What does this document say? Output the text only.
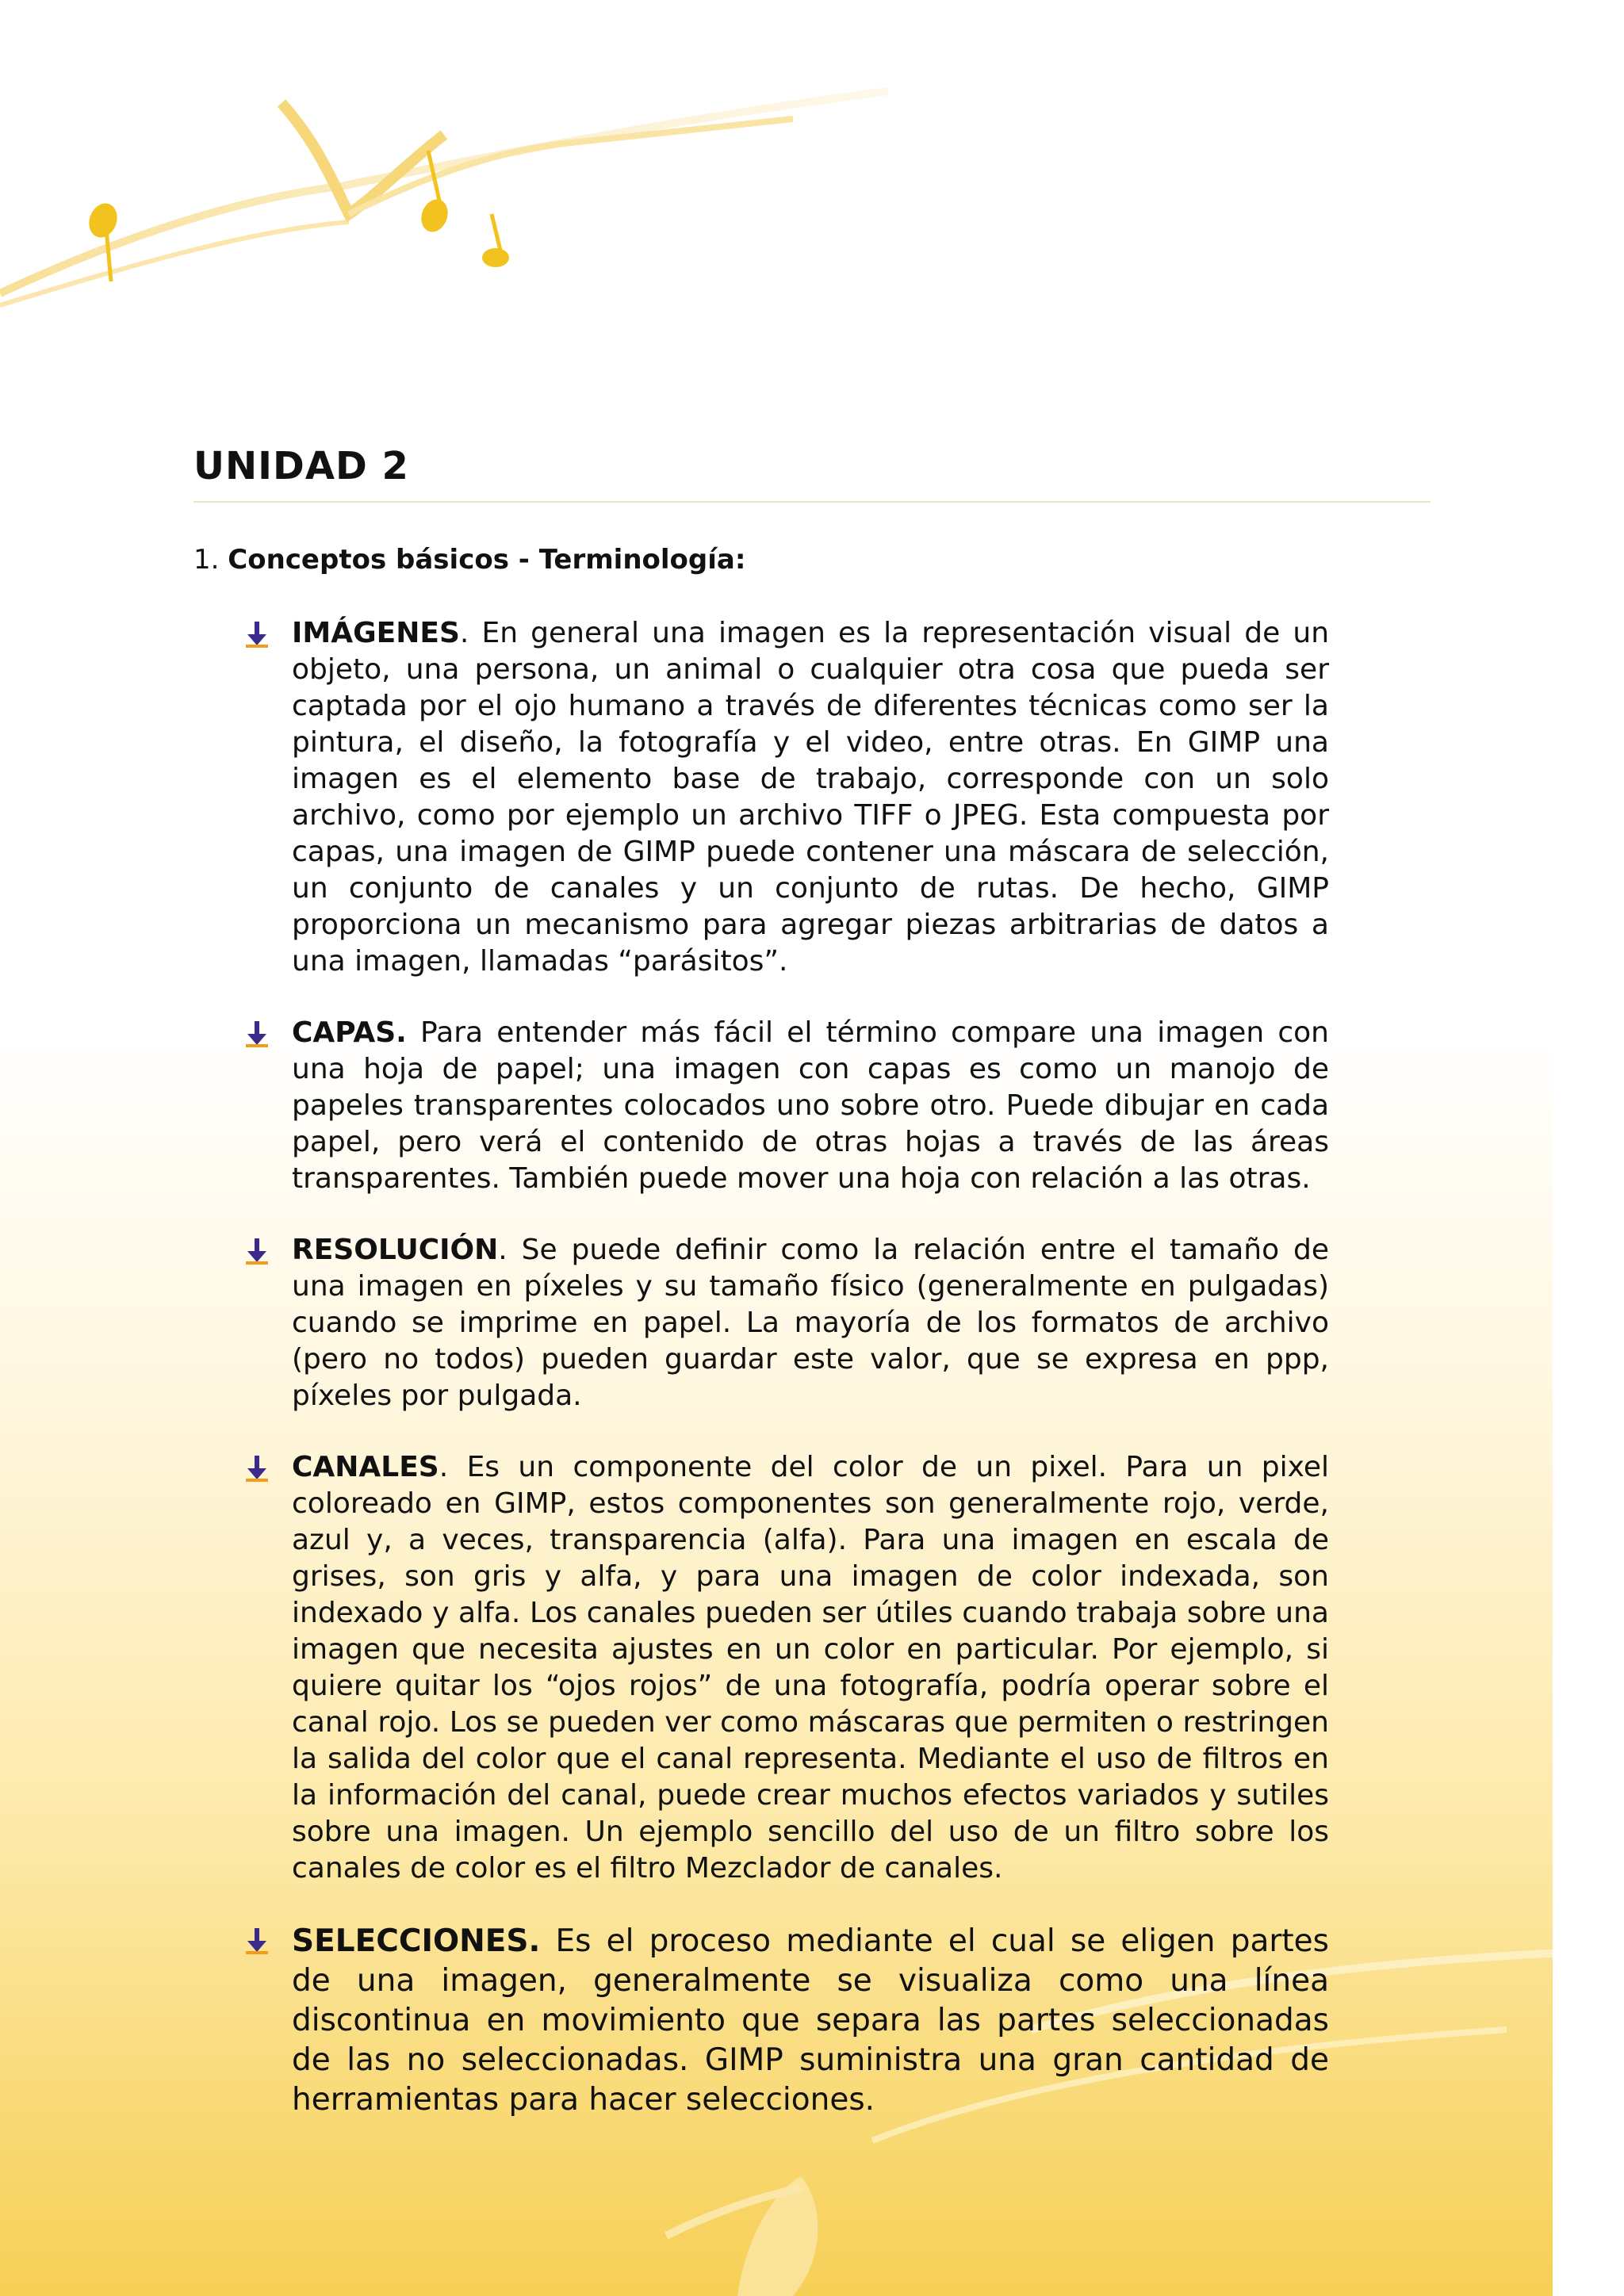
UNIDAD 2
1. Conceptos básicos - Terminología:

IMÁGENES. En general una imagen es la representación visual de un objeto, una persona, un animal o cualquier otra cosa que pueda ser captada por el ojo humano a través de diferentes técnicas como ser la pintura, el diseño, la fotografía y el video, entre otras. En GIMP una imagen es el elemento base de trabajo, corresponde con un solo archivo, como por ejemplo un archivo TIFF o JPEG. Esta compuesta por capas, una imagen de GIMP puede contener una máscara de selección, un conjunto de canales y un conjunto de rutas. De hecho, GIMP proporciona un mecanismo para agregar piezas arbitrarias de datos a una imagen, llamadas “parásitos”.

CAPAS. Para entender más fácil el término compare una imagen con una hoja de papel; una imagen con capas es como un manojo de papeles transparentes colocados uno sobre otro. Puede dibujar en cada papel, pero verá el contenido de otras hojas a través de las áreas transparentes. También puede mover una hoja con relación a las otras.

RESOLUCIÓN. Se puede definir como la relación entre el tamaño de una imagen en píxeles y su tamaño físico (generalmente en pulgadas) cuando se imprime en papel. La mayoría de los formatos de archivo (pero no todos) pueden guardar este valor, que se expresa en ppp, píxeles por pulgada.

CANALES. Es un componente del color de un pixel. Para un pixel coloreado en GIMP, estos componentes son generalmente rojo, verde, azul y, a veces, transparencia (alfa). Para una imagen en escala de grises, son gris y alfa, y para una imagen de color indexada, son indexado y alfa. Los canales pueden ser útiles cuando trabaja sobre una imagen que necesita ajustes en un color en particular. Por ejemplo, si quiere quitar los “ojos rojos” de una fotografía, podría operar sobre el canal rojo. Los se pueden ver como máscaras que permiten o restringen la salida del color que el canal representa. Mediante el uso de filtros en la información del canal, puede crear muchos efectos variados y sutiles sobre una imagen. Un ejemplo sencillo del uso de un filtro sobre los canales de color es el filtro Mezclador de canales.

SELECCIONES. Es el proceso mediante el cual se eligen partes de una imagen, generalmente se visualiza como una línea discontinua en movimiento que separa las partes seleccionadas de las no seleccionadas. GIMP suministra una gran cantidad de herramientas para hacer selecciones.
